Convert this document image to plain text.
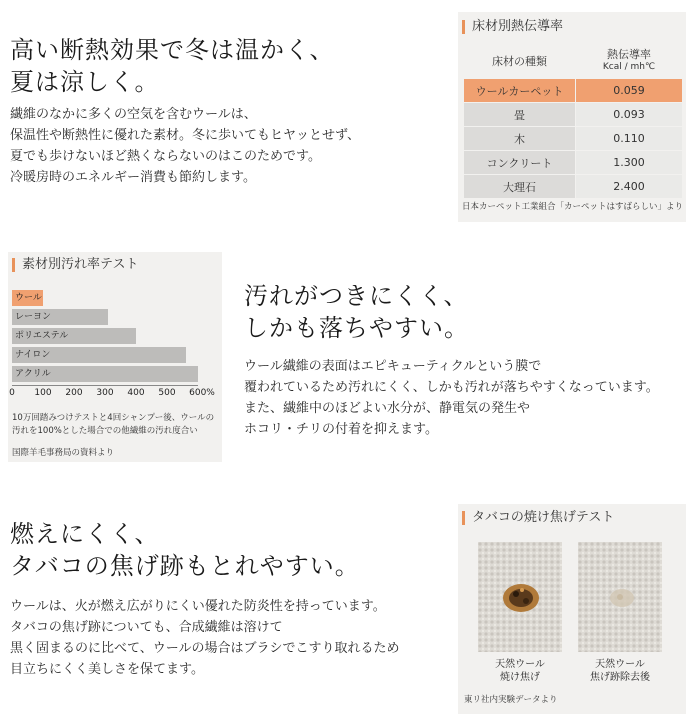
高い断熱効果で冬は温かく、
夏は涼しく。
繊維のなかに多くの空気を含むウールは、
保温性や断熱性に優れた素材。冬に歩いてもヒヤッとせず、
夏でも歩けないほど熱くならないのはこのためです。
冷暖房時のエネルギー消費も節約します。
床材別熱伝導率
床材の種類
熱伝導率
Kcal / mh℃
ウールカーペット	0.059
畳	0.093
木	0.110
コンクリート	1.300
大理石	2.400
日本カーペット工業組合「カーペットはすばらしい」より
素材別汚れ率テスト
ウール
レーヨン
ポリエステル
ナイロン
アクリル
0 100 200 300 400 500 600%
10万回踏みつけテストと4回シャンプー後、ウールの
汚れを100%とした場合での他繊維の汚れ度合い
国際羊毛事務局の資料より
汚れがつきにくく、
しかも落ちやすい。
ウール繊維の表面はエピキューティクルという膜で
覆われているため汚れにくく、しかも汚れが落ちやすくなっています。
また、繊維中のほどよい水分が、静電気の発生や
ホコリ・チリの付着を抑えます。
燃えにくく、
タバコの焦げ跡もとれやすい。
ウールは、火が燃え広がりにくい優れた防炎性を持っています。
タバコの焦げ跡についても、合成繊維は溶けて
黒く固まるのに比べて、ウールの場合はブラシでこすり取れるため
目立ちにくく美しさを保てます。
タバコの焼け焦げテスト
天然ウール
焼け焦げ
天然ウール
焦げ跡除去後
東リ社内実験データより
